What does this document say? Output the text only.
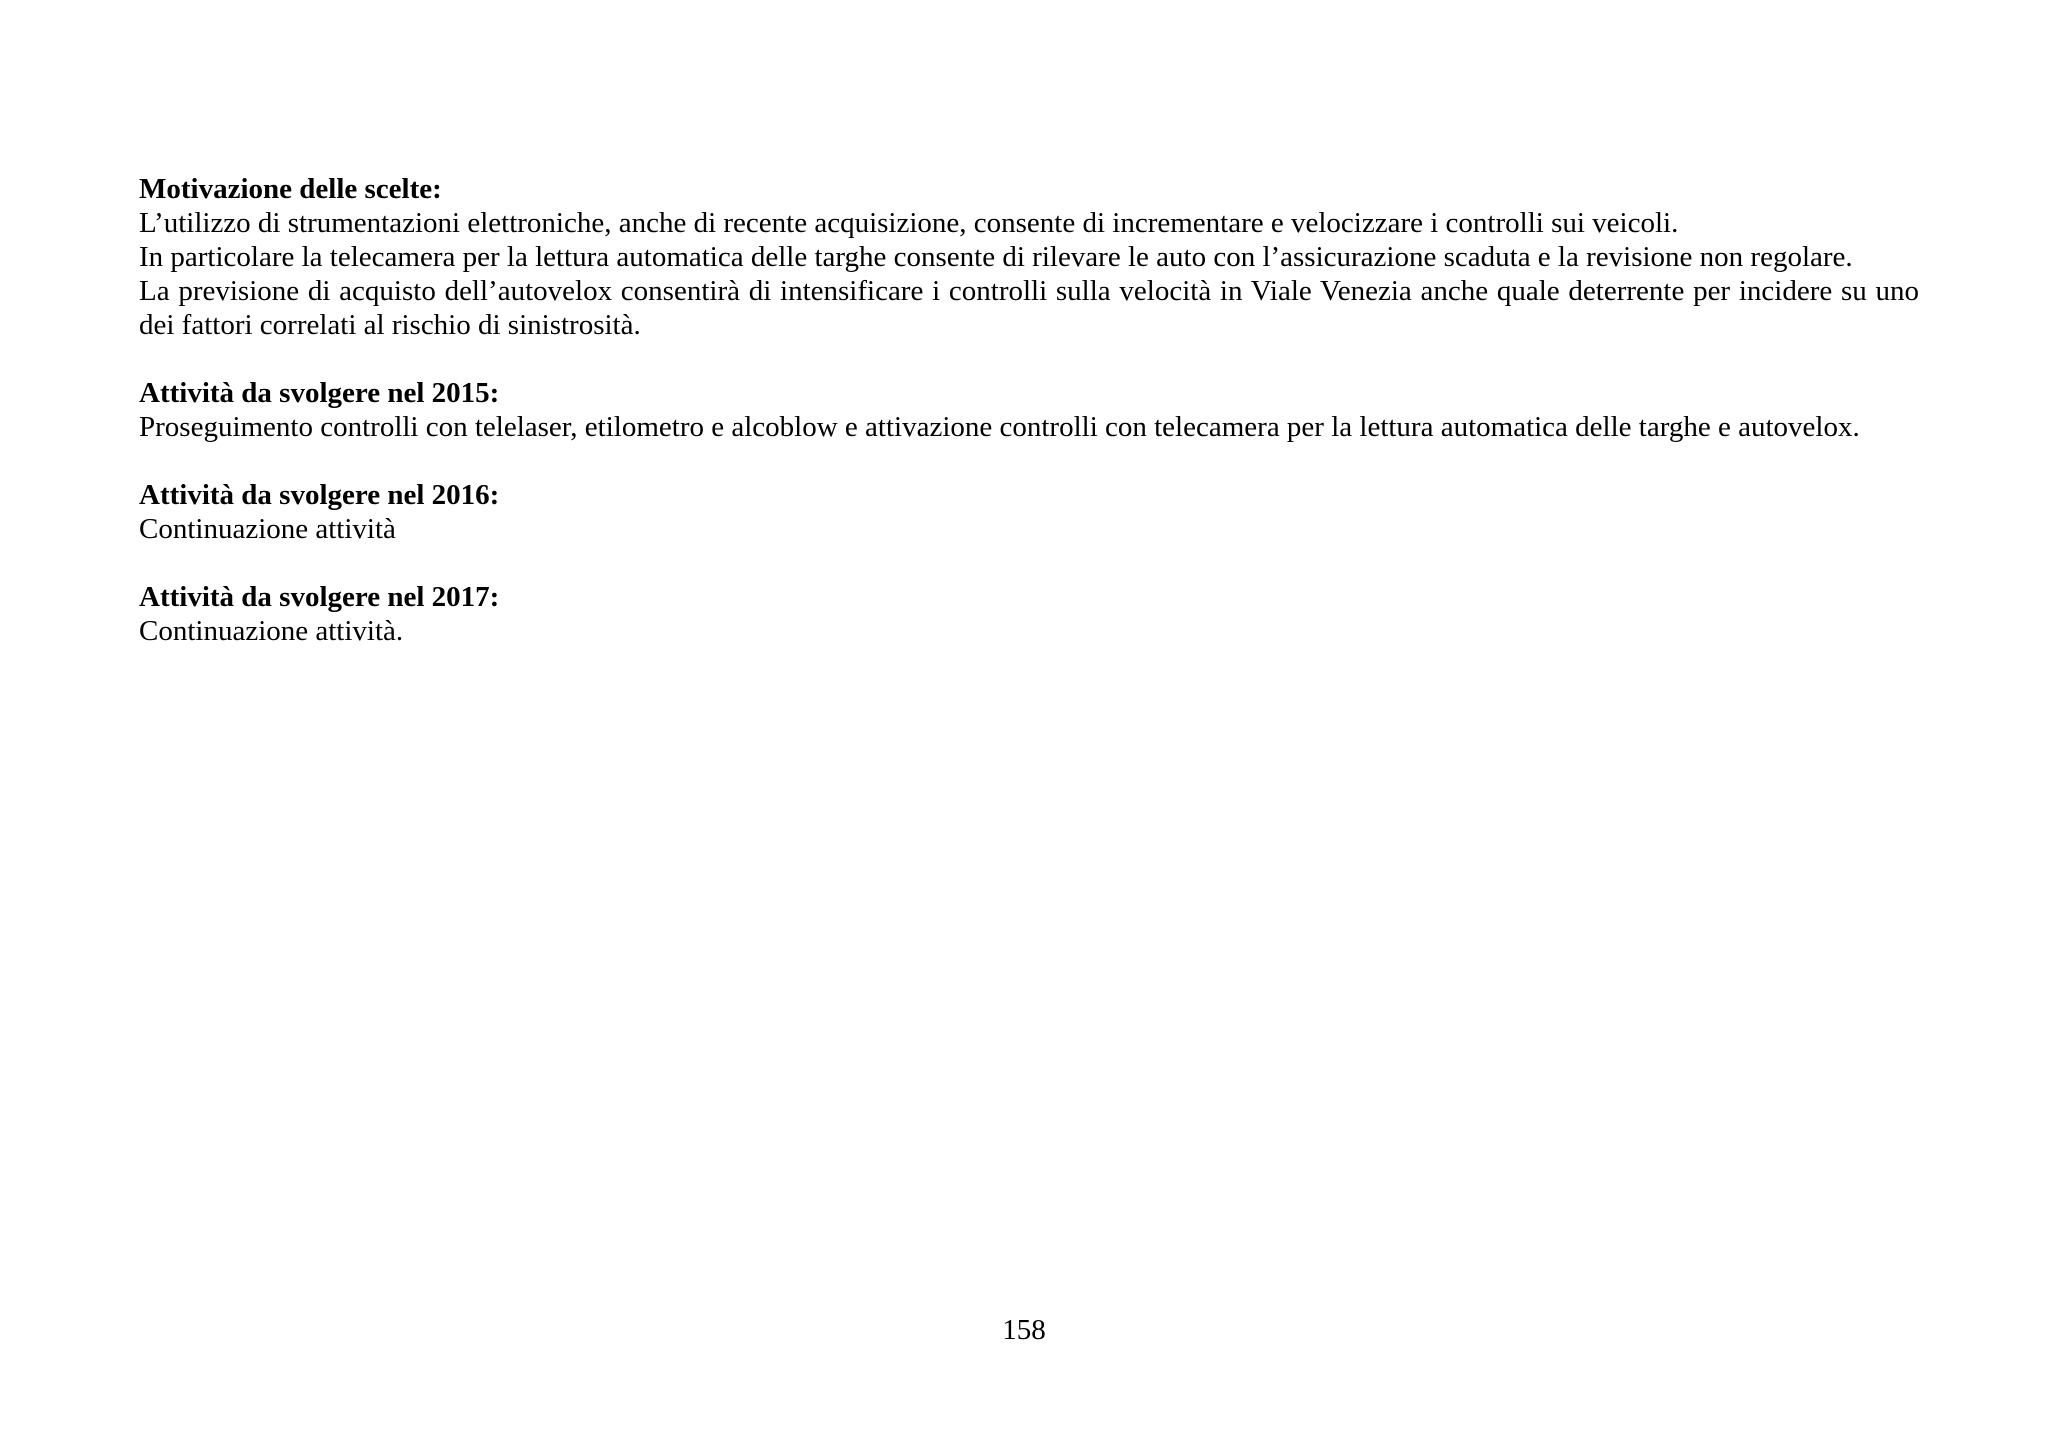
Motivazione delle scelte:

L’utilizzo di strumentazioni elettroniche, anche di recente acquisizione, consente di incrementare e velocizzare i controlli sui veicoli.

In particolare la telecamera per la lettura automatica delle targhe consente di rilevare le auto con l’assicurazione scaduta e la revisione non regolare.

La previsione di acquisto dell’autovelox consentirà di intensificare i controlli sulla velocità in Viale Venezia anche quale deterrente per incidere su uno dei fattori correlati al rischio di sinistrosità.

Attività da svolgere nel 2015:

Proseguimento controlli con telelaser, etilometro e alcoblow e attivazione controlli con telecamera per la lettura automatica delle targhe e autovelox.

Attività da svolgere nel 2016:

Continuazione attività

Attività da svolgere nel 2017:

Continuazione attività.

158
